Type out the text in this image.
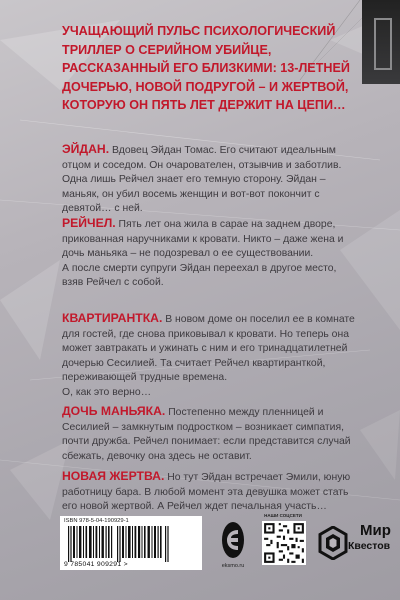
УЧАЩАЮЩИЙ ПУЛЬС ПСИХОЛОГИЧЕСКИЙ ТРИЛЛЕР О СЕРИЙНОМ УБИЙЦЕ, РАССКАЗАННЫЙ ЕГО БЛИЗКИМИ: 13-ЛЕТНЕЙ ДОЧЕРЬЮ, НОВОЙ ПОДРУГОЙ – И ЖЕРТВОЙ, КОТОРУЮ ОН ПЯТЬ ЛЕТ ДЕРЖИТ НА ЦЕПИ…

ЭЙДАН. Вдовец Эйдан Томас. Его считают идеальным отцом и соседом. Он очарователен, отзывчив и заботлив. Одна лишь Рейчел знает его темную сторону. Эйдан – маньяк, он убил восемь женщин и вот-вот покончит с девятой… с ней.

РЕЙЧЕЛ. Пять лет она жила в сарае на заднем дворе, прикованная наручниками к кровати. Никто – даже жена и дочь маньяка – не подозревал о ее существовании.

А после смерти супруги Эйдан переехал в другое место, взяв Рейчел с собой.

КВАРТИРАНТКА. В новом доме он поселил ее в комнате для гостей, где снова приковывал к кровати. Но теперь она может завтракать и ужинать с ним и его тринадцатилетней дочерью Сесилией. Та считает Рейчел квартиранткой, переживающей трудные времена.

О, как это верно…

ДОЧЬ МАНЬЯКА. Постепенно между пленницей и Сесилией – замкнутым подростком – возникает симпатия, почти дружба. Рейчел понимает: если представится случай сбежать, девочку она здесь не оставит.

НОВАЯ ЖЕРТВА. Но тут Эйдан встречает Эмили, юную работницу бара. В любой момент эта девушка может стать его новой жертвой. А Рейчел ждет печальная участь…

ISBN 978-5-04-190929-1
9 785041 909291 >	eksmo.ru
НАШИ СОЦСЕТИ
Мир
Квестов
